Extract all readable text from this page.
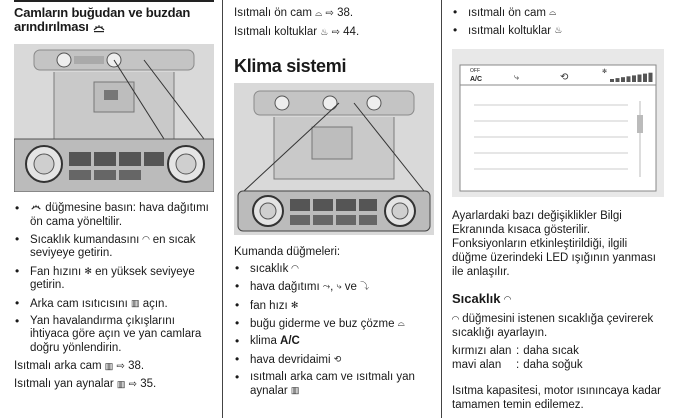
Camların buğudan ve buzdan
arındırılması
• düğmesine basın: hava dağıtımı ön cama yöneltilir.
• Sıcaklık kumandasını ◜◝ en sıcak seviyeye getirin.
• Fan hızını ✻ en yüksek seviyeye getirin.
• Arka cam ısıtıcısını ▥ açın.
• Yan havalandırma çıkışlarını ihtiyaca göre açın ve yan camlara doğru yönlendirin.
Isıtmalı arka cam ▥ ⇨ 38.
Isıtmalı yan aynalar ▥ ⇨ 35.
Isıtmalı ön cam ⌓ ⇨ 38.
Isıtmalı koltuklar ♨ ⇨ 44.
Klima sistemi
Kumanda düğmeleri:
• sıcaklık ◜◝
• hava dağıtımı ⤳, ⤷ ve ⤵
• fan hızı ✻
• buğu giderme ve buz çözme ⌓
• klima A/C
• hava devridaimi ⟲
• ısıtmalı arka cam ve ısıtmalı yan aynalar ▥
• ısıtmalı ön cam ⌓
• ısıtmalı koltuklar ♨
OFF
A/C	⤷	⟲	✻
Ayarlardaki bazı değişiklikler Bilgi Ekranında kısaca gösterilir. Fonksiyonların etkinleştirildiği, ilgili düğme üzerindeki LED ışığının yanması ile anlaşılır.
Sıcaklık ◜◝
◜◝ düğmesini istenen sıcaklığa çevirerek sıcaklığı ayarlayın.
kırmızı alan : daha sıcak
mavi alan	: daha soğuk
Isıtma kapasitesi, motor ısınıncaya kadar tamamen temin edilemez.
